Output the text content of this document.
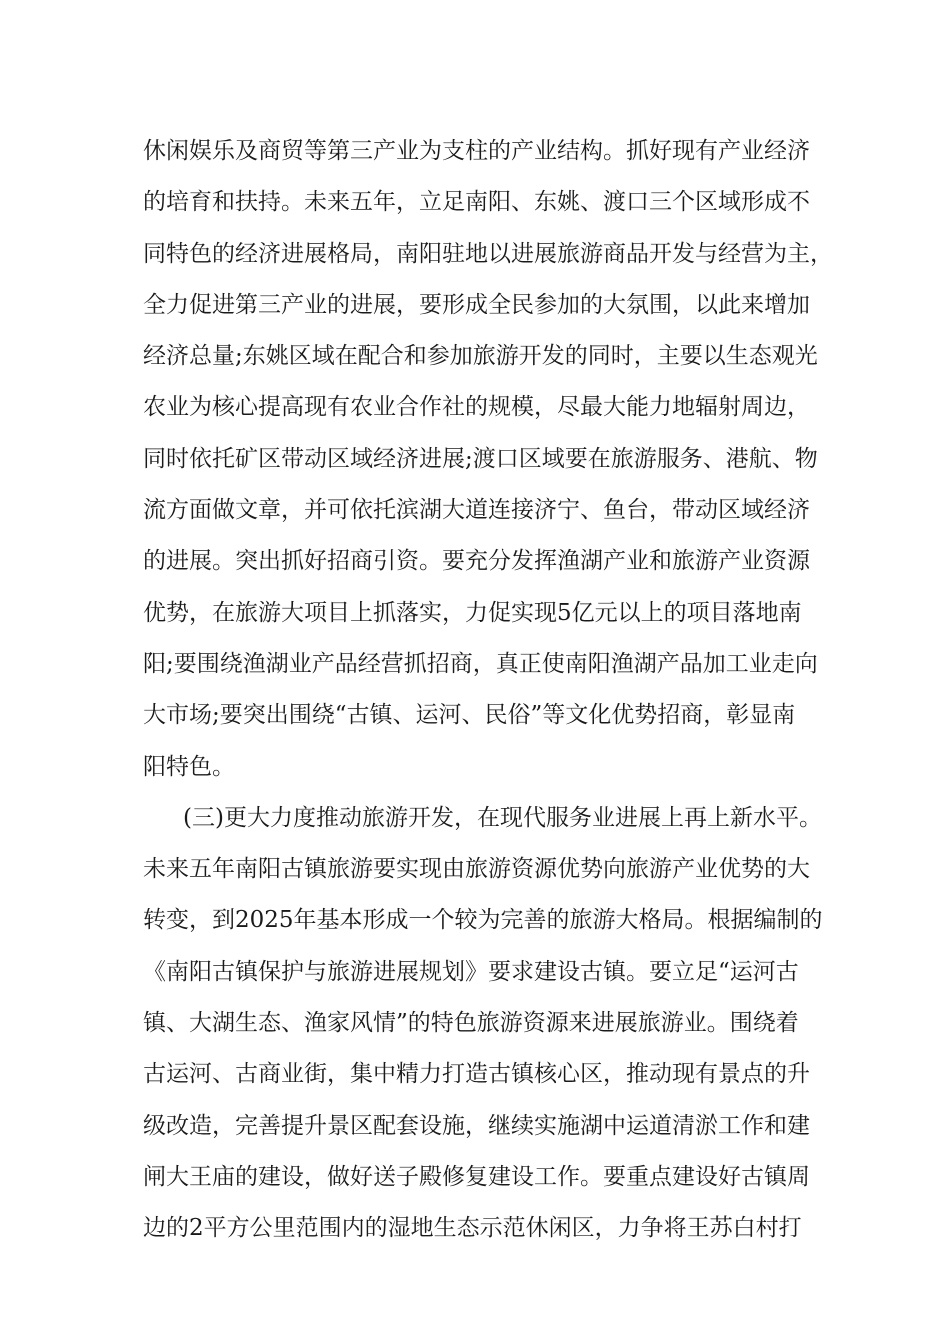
休闲娱乐及商贸等第三产业为支柱的产业结构。抓好现有产业经济
的培育和扶持。未来五年，立足南阳、东姚、渡口三个区域形成不
同特色的经济进展格局，南阳驻地以进展旅游商品开发与经营为主，
全力促进第三产业的进展，要形成全民参加的大氛围，以此来增加
经济总量;东姚区域在配合和参加旅游开发的同时，主要以生态观光
农业为核心提高现有农业合作社的规模，尽最大能力地辐射周边，
同时依托矿区带动区域经济进展;渡口区域要在旅游服务、港航、物
流方面做文章，并可依托滨湖大道连接济宁、鱼台，带动区域经济
的进展。突出抓好招商引资。要充分发挥渔湖产业和旅游产业资源
优势，在旅游大项目上抓落实，力促实现5亿元以上的项目落地南
阳;要围绕渔湖业产品经营抓招商，真正使南阳渔湖产品加工业走向
大市场;要突出围绕“古镇、运河、民俗”等文化优势招商，彰显南
阳特色。
(三)更大力度推动旅游开发，在现代服务业进展上再上新水平。
未来五年南阳古镇旅游要实现由旅游资源优势向旅游产业优势的大
转变，到2025年基本形成一个较为完善的旅游大格局。根据编制的
《南阳古镇保护与旅游进展规划》要求建设古镇。要立足“运河古
镇、大湖生态、渔家风情”的特色旅游资源来进展旅游业。围绕着
古运河、古商业街，集中精力打造古镇核心区，推动现有景点的升
级改造，完善提升景区配套设施，继续实施湖中运道清淤工作和建
闸大王庙的建设，做好送子殿修复建设工作。要重点建设好古镇周
边的2平方公里范围内的湿地生态示范休闲区，力争将王苏白村打
